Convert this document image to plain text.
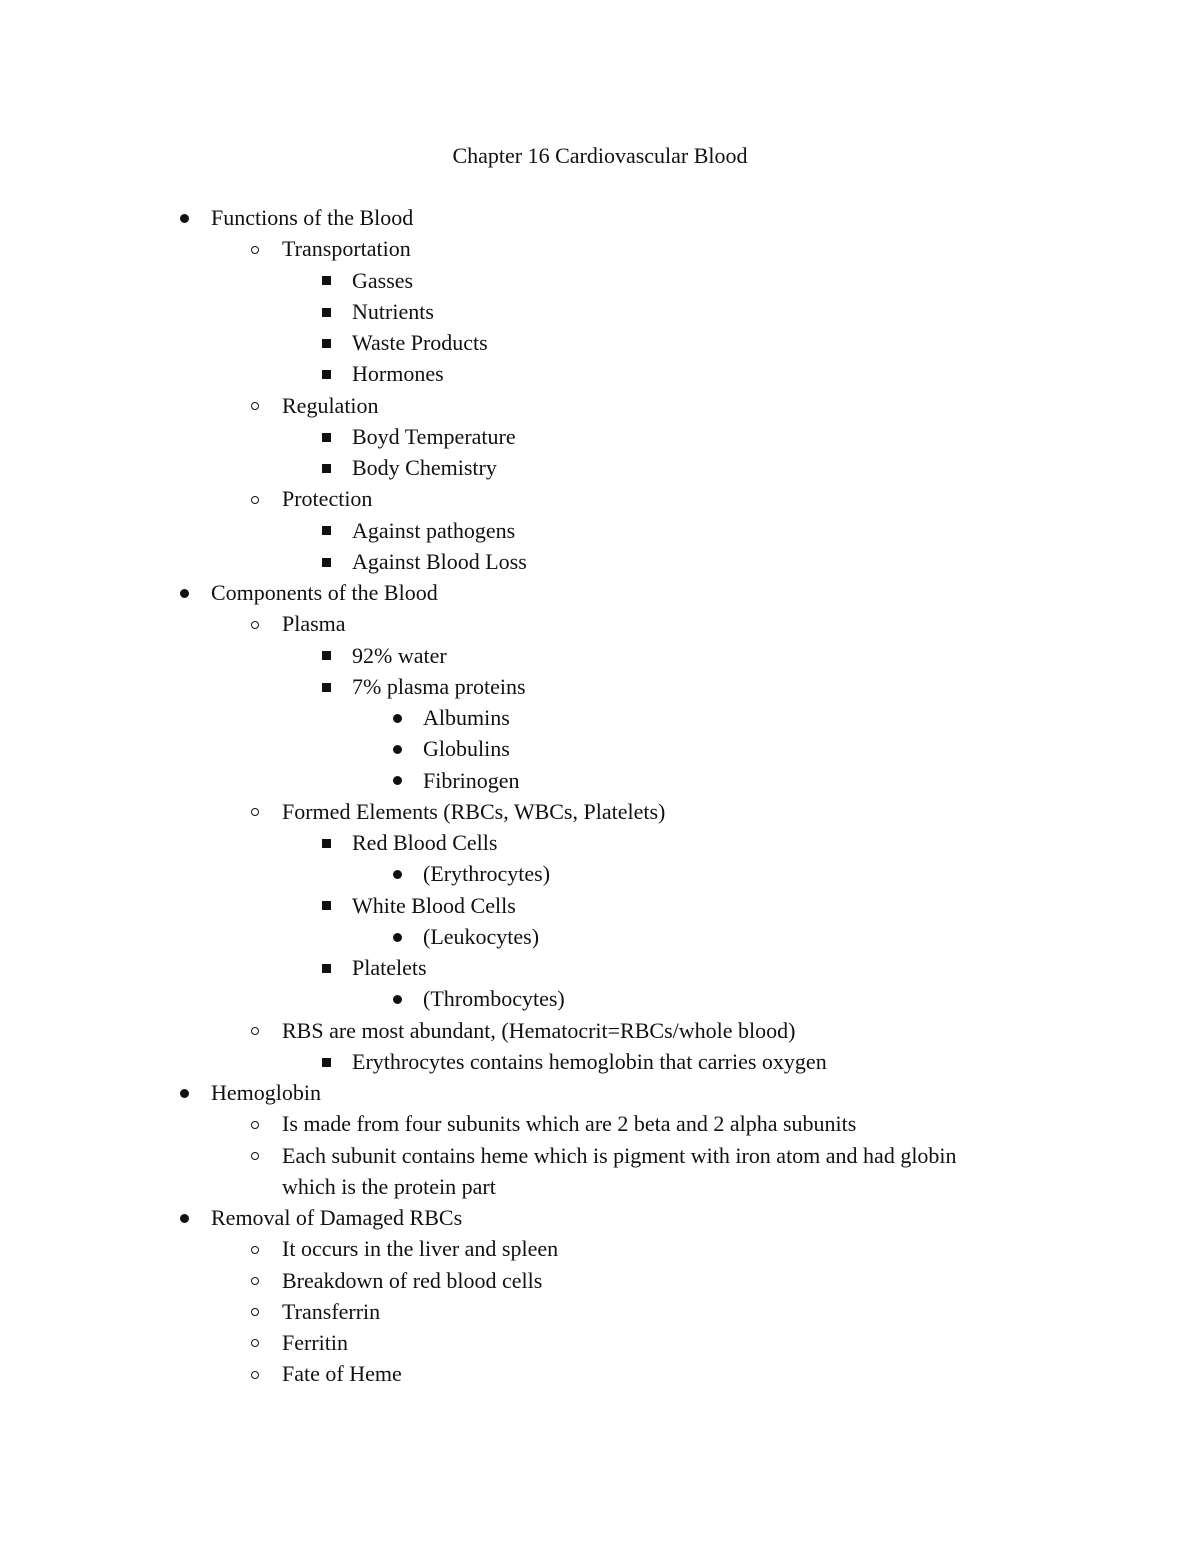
Chapter 16 Cardiovascular Blood
Functions of the Blood
Transportation
Gasses
Nutrients
Waste Products
Hormones
Regulation
Boyd Temperature
Body Chemistry
Protection
Against pathogens
Against Blood Loss
Components of the Blood
Plasma
92% water
7% plasma proteins
Albumins
Globulins
Fibrinogen
Formed Elements (RBCs, WBCs, Platelets)
Red Blood Cells
(Erythrocytes)
White Blood Cells
(Leukocytes)
Platelets
(Thrombocytes)
RBS are most abundant, (Hematocrit=RBCs/whole blood)
Erythrocytes contains hemoglobin that carries oxygen
Hemoglobin
Is made from four subunits which are 2 beta and 2 alpha subunits
Each subunit contains heme which is pigment with iron atom and had globin
which is the protein part
Removal of Damaged RBCs
It occurs in the liver and spleen
Breakdown of red blood cells
Transferrin
Ferritin
Fate of Heme
